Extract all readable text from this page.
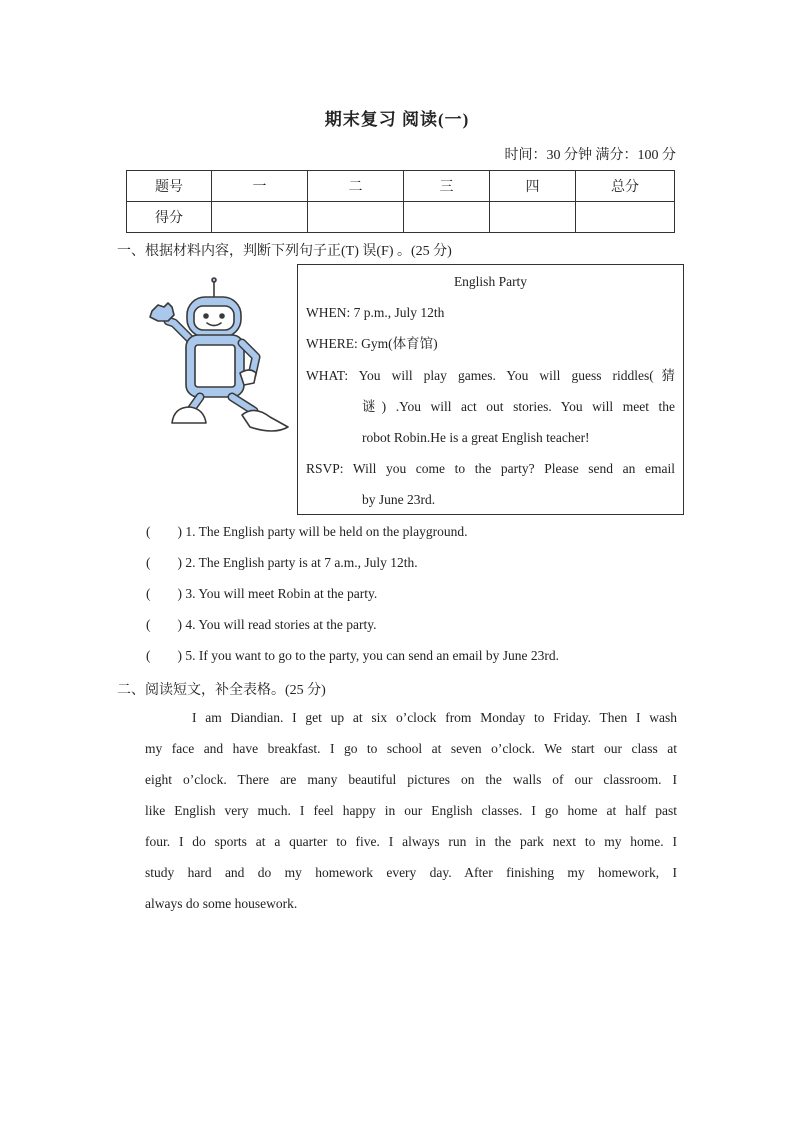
期末复习 阅读(一)
时间：30 分钟 满分：100 分
题号	一	二	三	四	总分
得分					
一、根据材料内容，判断下列句子正(T) 误(F) 。(25 分)
English Party
WHEN: 7 p.m., July 12th
WHERE: Gym(体育馆)
WHAT: You will play games. You will guess riddles(猜
谜) .You will act out stories. You will meet the
robot Robin.He is a great English teacher!
RSVP: Will you come to the party? Please send an email
by June 23rd.
(        ) 1. The English party will be held on the playground.
(        ) 2. The English party is at 7 a.m., July 12th.
(        ) 3. You will meet Robin at the party.
(        ) 4. You will read stories at the party.
(        ) 5. If you want to go to the party, you can send an email by June 23rd.
二、阅读短文，补全表格。(25 分)
I am Diandian. I get up at six o’clock from Monday to Friday. Then I wash
my face and have breakfast. I go to school at seven o’clock. We start our class at
eight o’clock. There are many beautiful pictures on the walls of our classroom. I
like English very much. I feel happy in our English classes. I go home at half past
four. I do sports at a quarter to five. I always run in the park next to my home. I
study hard and do my homework every day. After finishing my homework, I
always do some housework.
